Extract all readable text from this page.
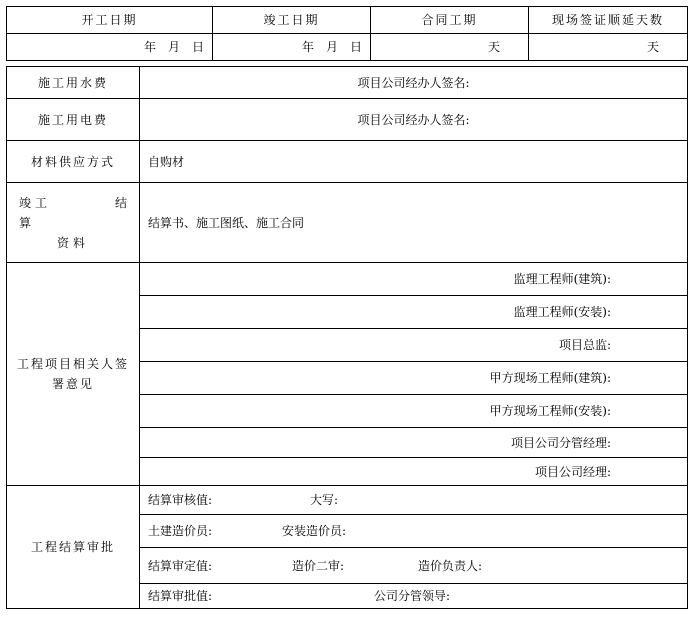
开工日期	竣工日期	合同工期	现场签证顺延天数
年　月　日	年　月　日	天	天
施工用水费	项目公司经办人签名:
施工用电费	项目公司经办人签名:
材料供应方式	自购材

竣工 结
算
资料	结算书、施工图纸、施工合同
工程项目相关人签署意见	监理工程师(建筑):
	监理工程师(安装):
	项目总监:
	甲方现场工程师(建筑):
	甲方现场工程师(安装):
	项目公司分管经理:
	项目公司经理:
工程结算审批	结算审核值: 大写:
	土建造价员: 安装造价员:
	结算审定值: 造价二审: 造价负责人:
	结算审批值: 公司分管领导:
